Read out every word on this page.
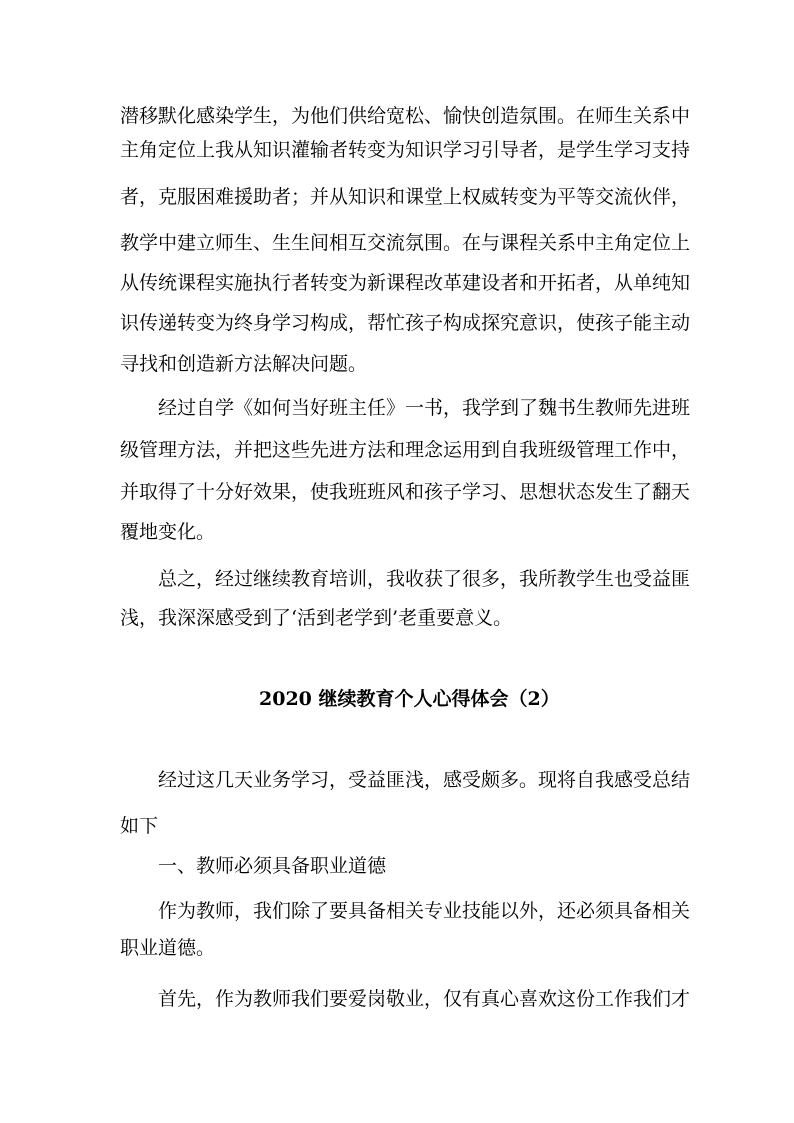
潜移默化感染学生，为他们供给宽松、愉快创造氛围。在师生关系中
主角定位上我从知识灌输者转变为知识学习引导者，是学生学习支持
者，克服困难援助者；并从知识和课堂上权威转变为平等交流伙伴，
教学中建立师生、生生间相互交流氛围。在与课程关系中主角定位上
从传统课程实施执行者转变为新课程改革建设者和开拓者，从单纯知
识传递转变为终身学习构成，帮忙孩子构成探究意识，使孩子能主动
寻找和创造新方法解决问题。
经过自学《如何当好班主任》一书，我学到了魏书生教师先进班
级管理方法，并把这些先进方法和理念运用到自我班级管理工作中，
并取得了十分好效果，使我班班风和孩子学习、思想状态发生了翻天
覆地变化。
总之，经过继续教育培训，我收获了很多，我所教学生也受益匪
浅，我深深感受到了‘活到老学到’老重要意义。
2020 继续教育个人心得体会（2）
经过这几天业务学习，受益匪浅，感受颇多。现将自我感受总结
如下
一、教师必须具备职业道德
作为教师，我们除了要具备相关专业技能以外，还必须具备相关
职业道德。
首先，作为教师我们要爱岗敬业，仅有真心喜欢这份工作我们才
